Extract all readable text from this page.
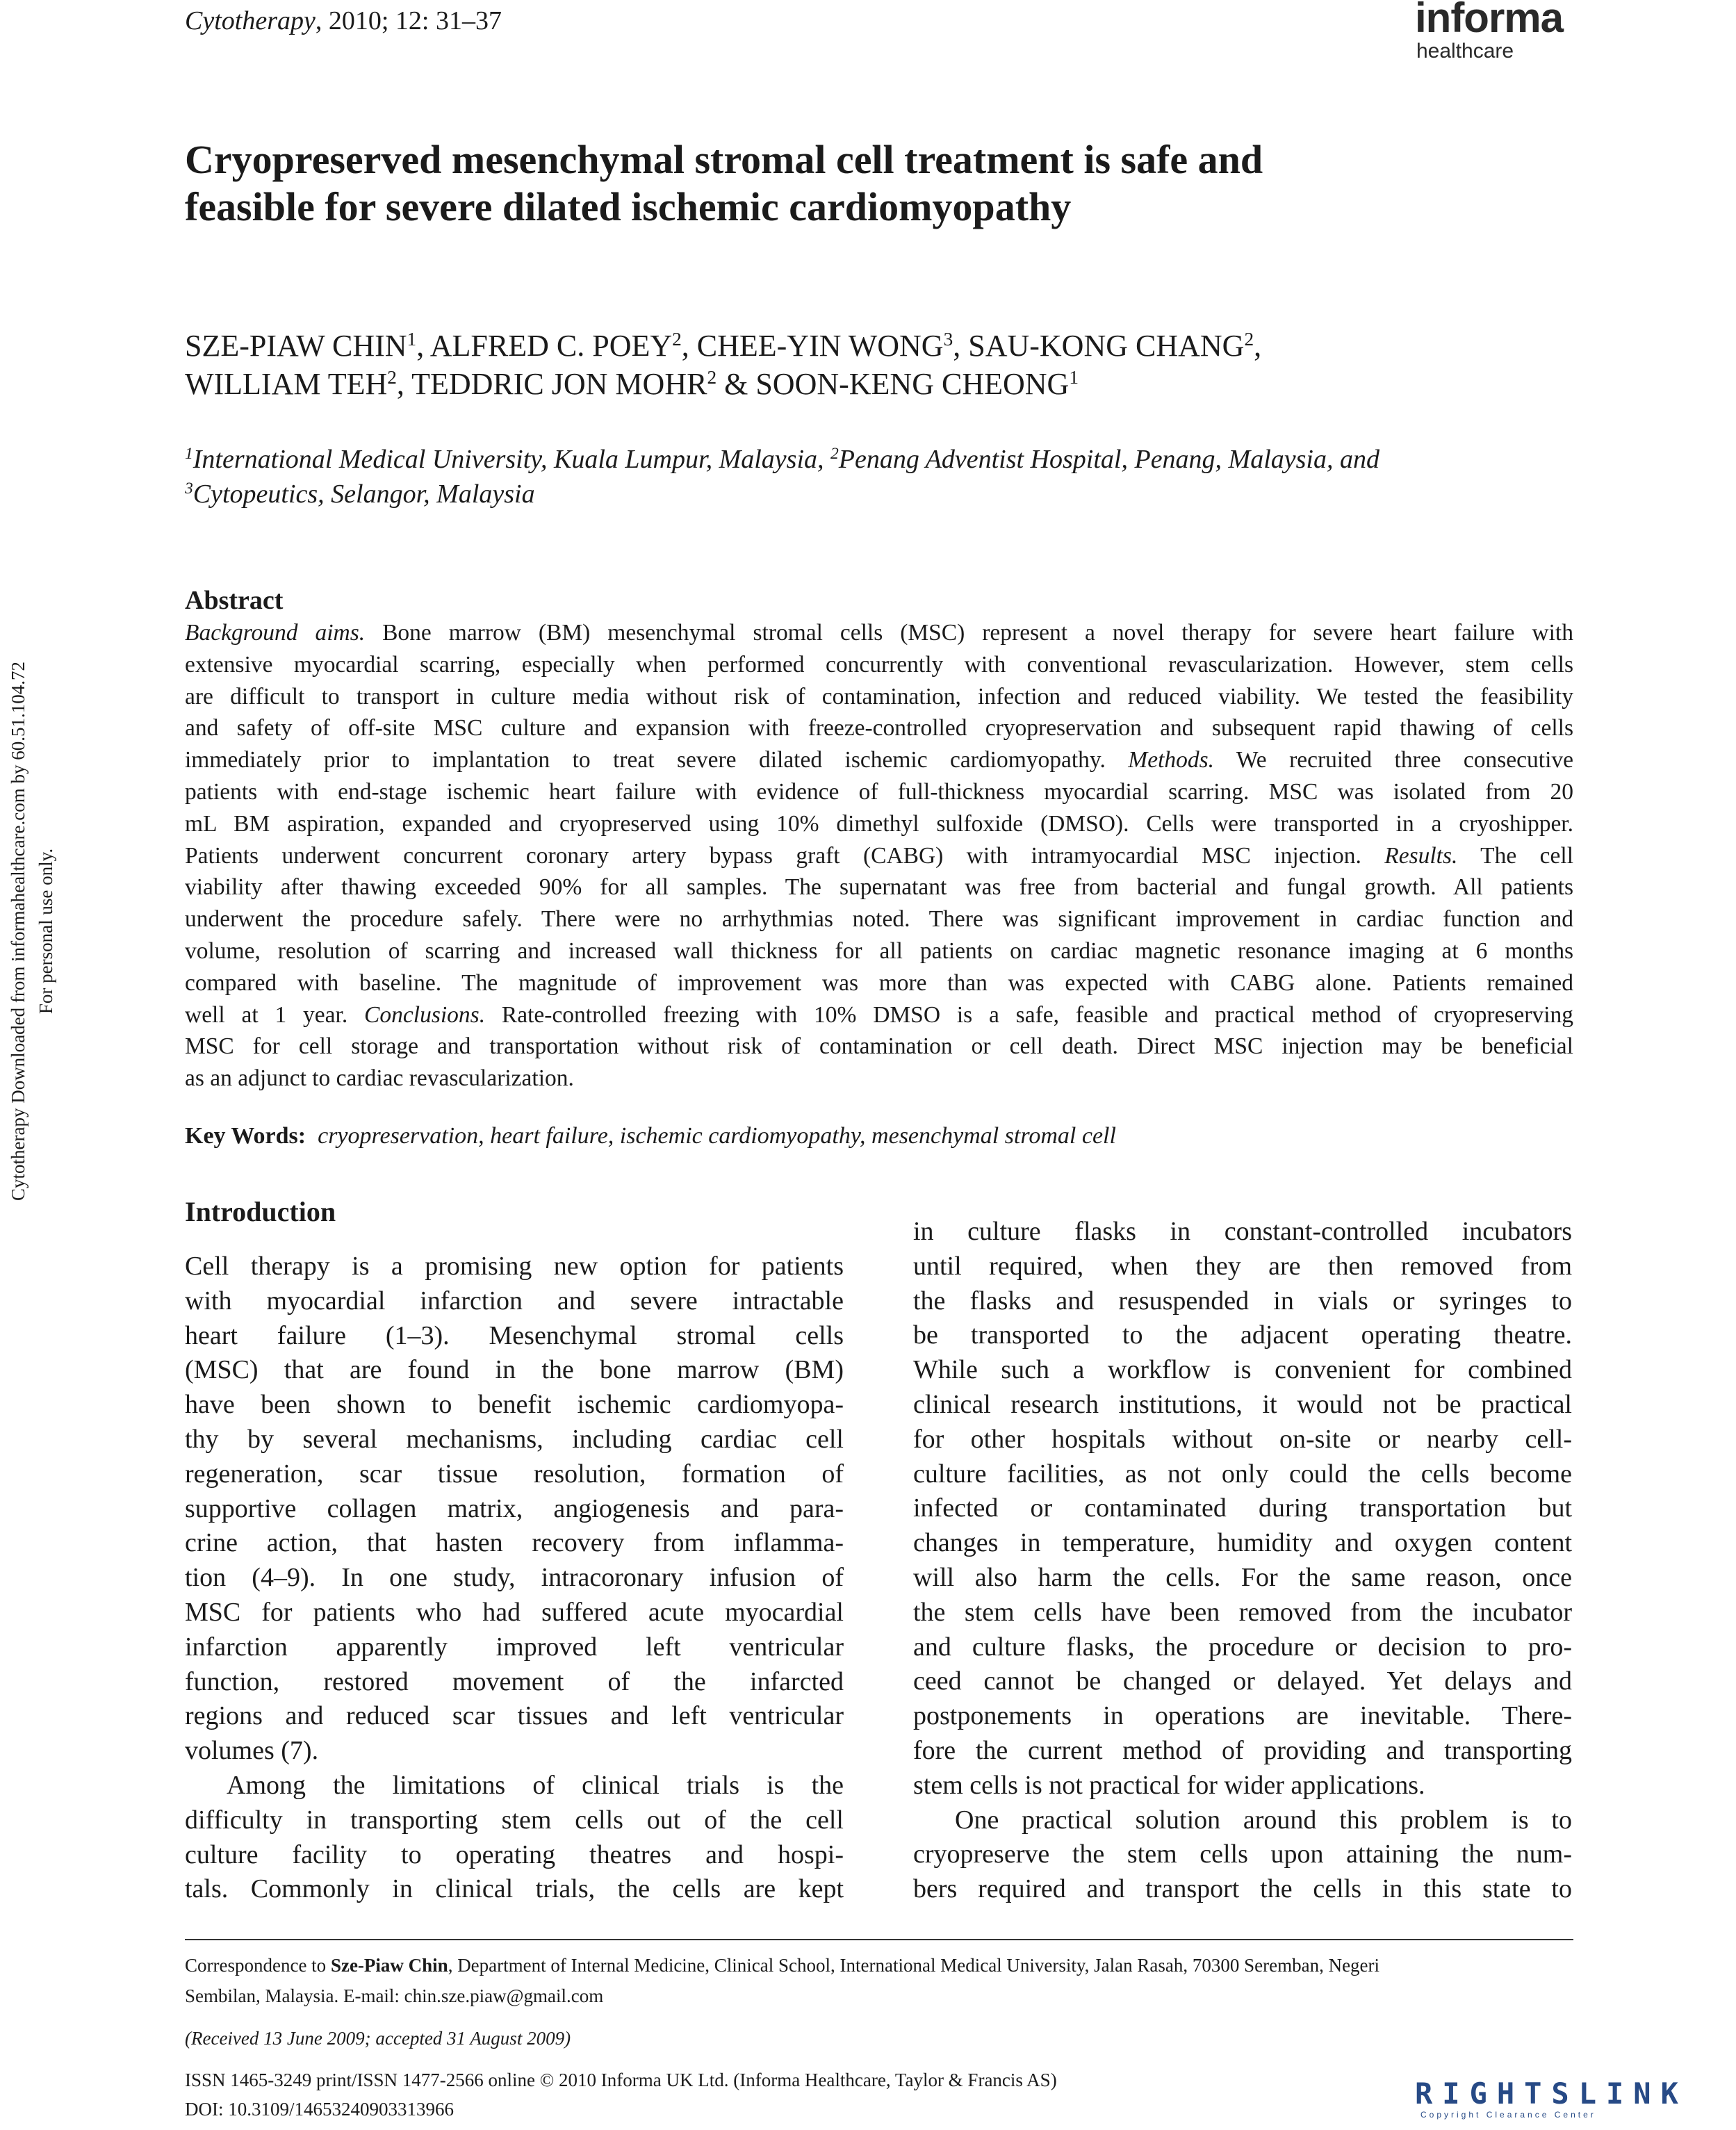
Cytotherapy, 2010; 12: 31–37	informa
healthcare
Cryopreserved mesenchymal stromal cell treatment is safe and
feasible for severe dilated ischemic cardiomyopathy
SZE-PIAW CHIN$^1$, ALFRED C. POEY$^2$, CHEE-YIN WONG$^3$, SAU-KONG CHANG$^2$,
WILLIAM TEH$^2$, TEDDRIC JON MOHR$^2$ & SOON-KENG CHEONG$^1$
$^1$International Medical University, Kuala Lumpur, Malaysia, $^2$Penang Adventist Hospital, Penang, Malaysia, and
$^3$Cytopeutics, Selangor, Malaysia
Abstract
Background aims. Bone marrow (BM) mesenchymal stromal cells (MSC) represent a novel therapy for severe heart failure with
extensive myocardial scarring, especially when performed concurrently with conventional revascularization. However, stem cells
are difficult to transport in culture media without risk of contamination, infection and reduced viability. We tested the feasibility
and safety of off-site MSC culture and expansion with freeze-controlled cryopreservation and subsequent rapid thawing of cells
immediately prior to implantation to treat severe dilated ischemic cardiomyopathy. Methods. We recruited three consecutive
patients with end-stage ischemic heart failure with evidence of full-thickness myocardial scarring. MSC was isolated from 20
mL BM aspiration, expanded and cryopreserved using 10% dimethyl sulfoxide (DMSO). Cells were transported in a cryoshipper.
Patients underwent concurrent coronary artery bypass graft (CABG) with intramyocardial MSC injection. Results. The cell
viability after thawing exceeded 90% for all samples. The supernatant was free from bacterial and fungal growth. All patients
underwent the procedure safely. There were no arrhythmias noted. There was significant improvement in cardiac function and
volume, resolution of scarring and increased wall thickness for all patients on cardiac magnetic resonance imaging at 6 months
compared with baseline. The magnitude of improvement was more than was expected with CABG alone. Patients remained
well at 1 year. Conclusions. Rate-controlled freezing with 10% DMSO is a safe, feasible and practical method of cryopreserving
MSC for cell storage and transportation without risk of contamination or cell death. Direct MSC injection may be beneficial
as an adjunct to cardiac revascularization.
Key Words: cryopreservation, heart failure, ischemic cardiomyopathy, mesenchymal stromal cell
Introduction
Cell therapy is a promising new option for patients
with myocardial infarction and severe intractable
heart failure (1–3). Mesenchymal stromal cells
(MSC) that are found in the bone marrow (BM)
have been shown to benefit ischemic cardiomyopa-
thy by several mechanisms, including cardiac cell
regeneration, scar tissue resolution, formation of
supportive collagen matrix, angiogenesis and para-
crine action, that hasten recovery from inflamma-
tion (4–9). In one study, intracoronary infusion of
MSC for patients who had suffered acute myocardial
infarction apparently improved left ventricular
function, restored movement of the infarcted
regions and reduced scar tissues and left ventricular
volumes (7).
Among the limitations of clinical trials is the
difficulty in transporting stem cells out of the cell
culture facility to operating theatres and hospi-
tals. Commonly in clinical trials, the cells are kept
in culture flasks in constant-controlled incubators
until required, when they are then removed from
the flasks and resuspended in vials or syringes to
be transported to the adjacent operating theatre.
While such a workflow is convenient for combined
clinical research institutions, it would not be practical
for other hospitals without on-site or nearby cell-
culture facilities, as not only could the cells become
infected or contaminated during transportation but
changes in temperature, humidity and oxygen content
will also harm the cells. For the same reason, once
the stem cells have been removed from the incubator
and culture flasks, the procedure or decision to pro-
ceed cannot be changed or delayed. Yet delays and
postponements in operations are inevitable. There-
fore the current method of providing and transporting
stem cells is not practical for wider applications.
One practical solution around this problem is to
cryopreserve the stem cells upon attaining the num-
bers required and transport the cells in this state to
Correspondence to Sze-Piaw Chin, Department of Internal Medicine, Clinical School, International Medical University, Jalan Rasah, 70300 Seremban, Negeri
Sembilan, Malaysia. E-mail: chin.sze.piaw@gmail.com
(Received 13 June 2009; accepted 31 August 2009)
ISSN 1465-3249 print/ISSN 1477-2566 online © 2010 Informa UK Ltd. (Informa Healthcare, Taylor & Francis AS)
DOI: 10.3109/14653240903313966	RIGHTSLINK
Copyright Clearance Center
Cytotherapy Downloaded from informahealthcare.com by 60.51.104.72 For personal use only.
